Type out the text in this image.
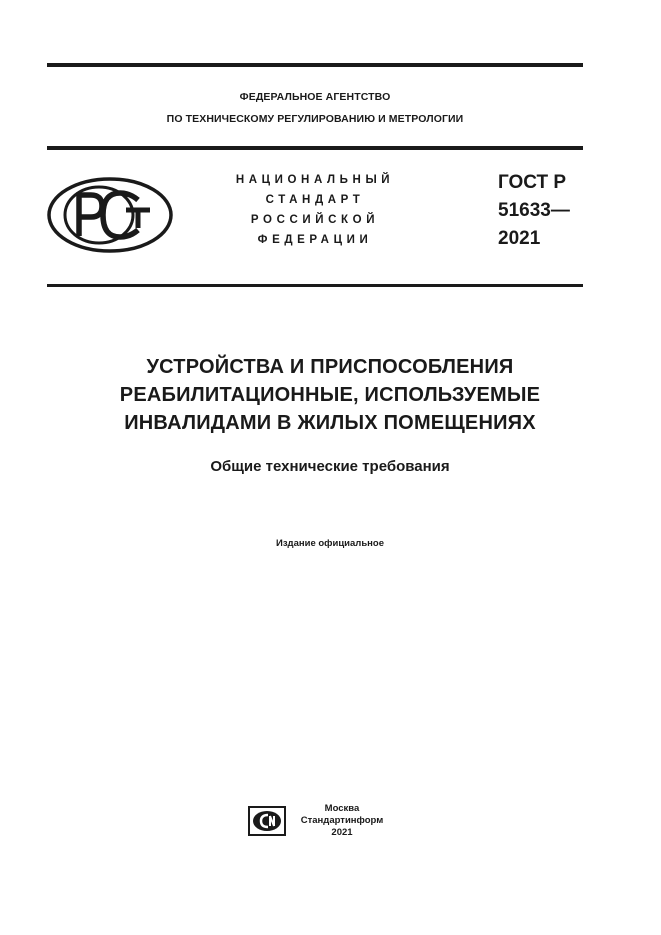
ФЕДЕРАЛЬНОЕ АГЕНТСТВО
ПО ТЕХНИЧЕСКОМУ РЕГУЛИРОВАНИЮ И МЕТРОЛОГИИ
НАЦИОНАЛЬНЫЙ
СТАНДАРТ
РОССИЙСКОЙ
ФЕДЕРАЦИИ
ГОСТ Р
51633—
2021
УСТРОЙСТВА И ПРИСПОСОБЛЕНИЯ
РЕАБИЛИТАЦИОННЫЕ, ИСПОЛЬЗУЕМЫЕ
ИНВАЛИДАМИ В ЖИЛЫХ ПОМЕЩЕНИЯХ
Общие технические требования
Издание официальное
Москва
Стандартинформ
2021
